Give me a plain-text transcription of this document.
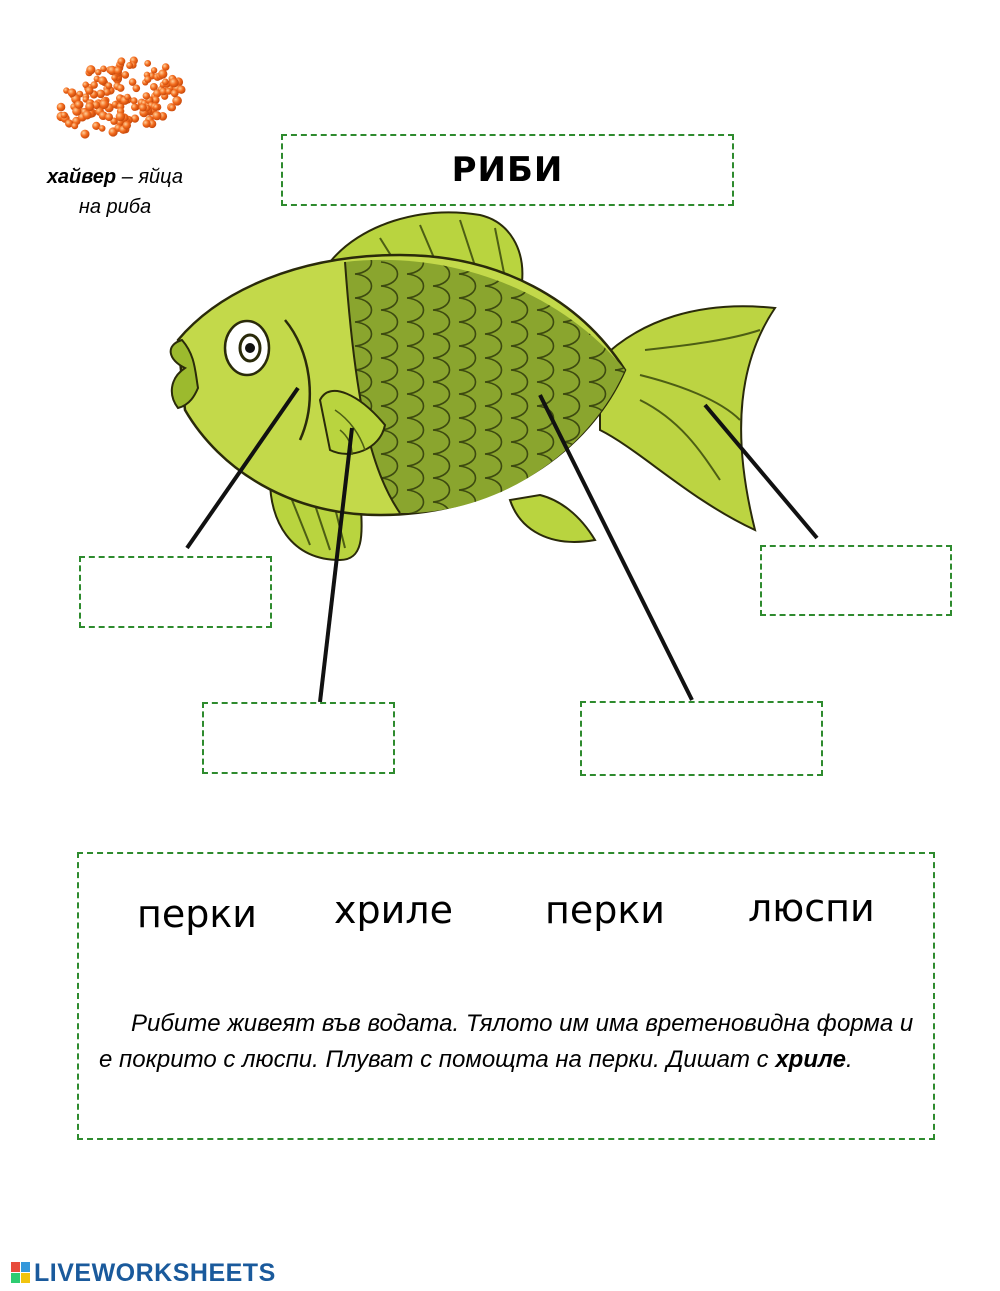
хайвер – яйца
на риба
РИБИ
перки хриле перки люспи
Рибите живеят във водата. Тялото им има вретеновидна форма и е покрито с люспи. Плуват с помощта на перки. Дишат с хриле.
LIVEWORKSHEETS
